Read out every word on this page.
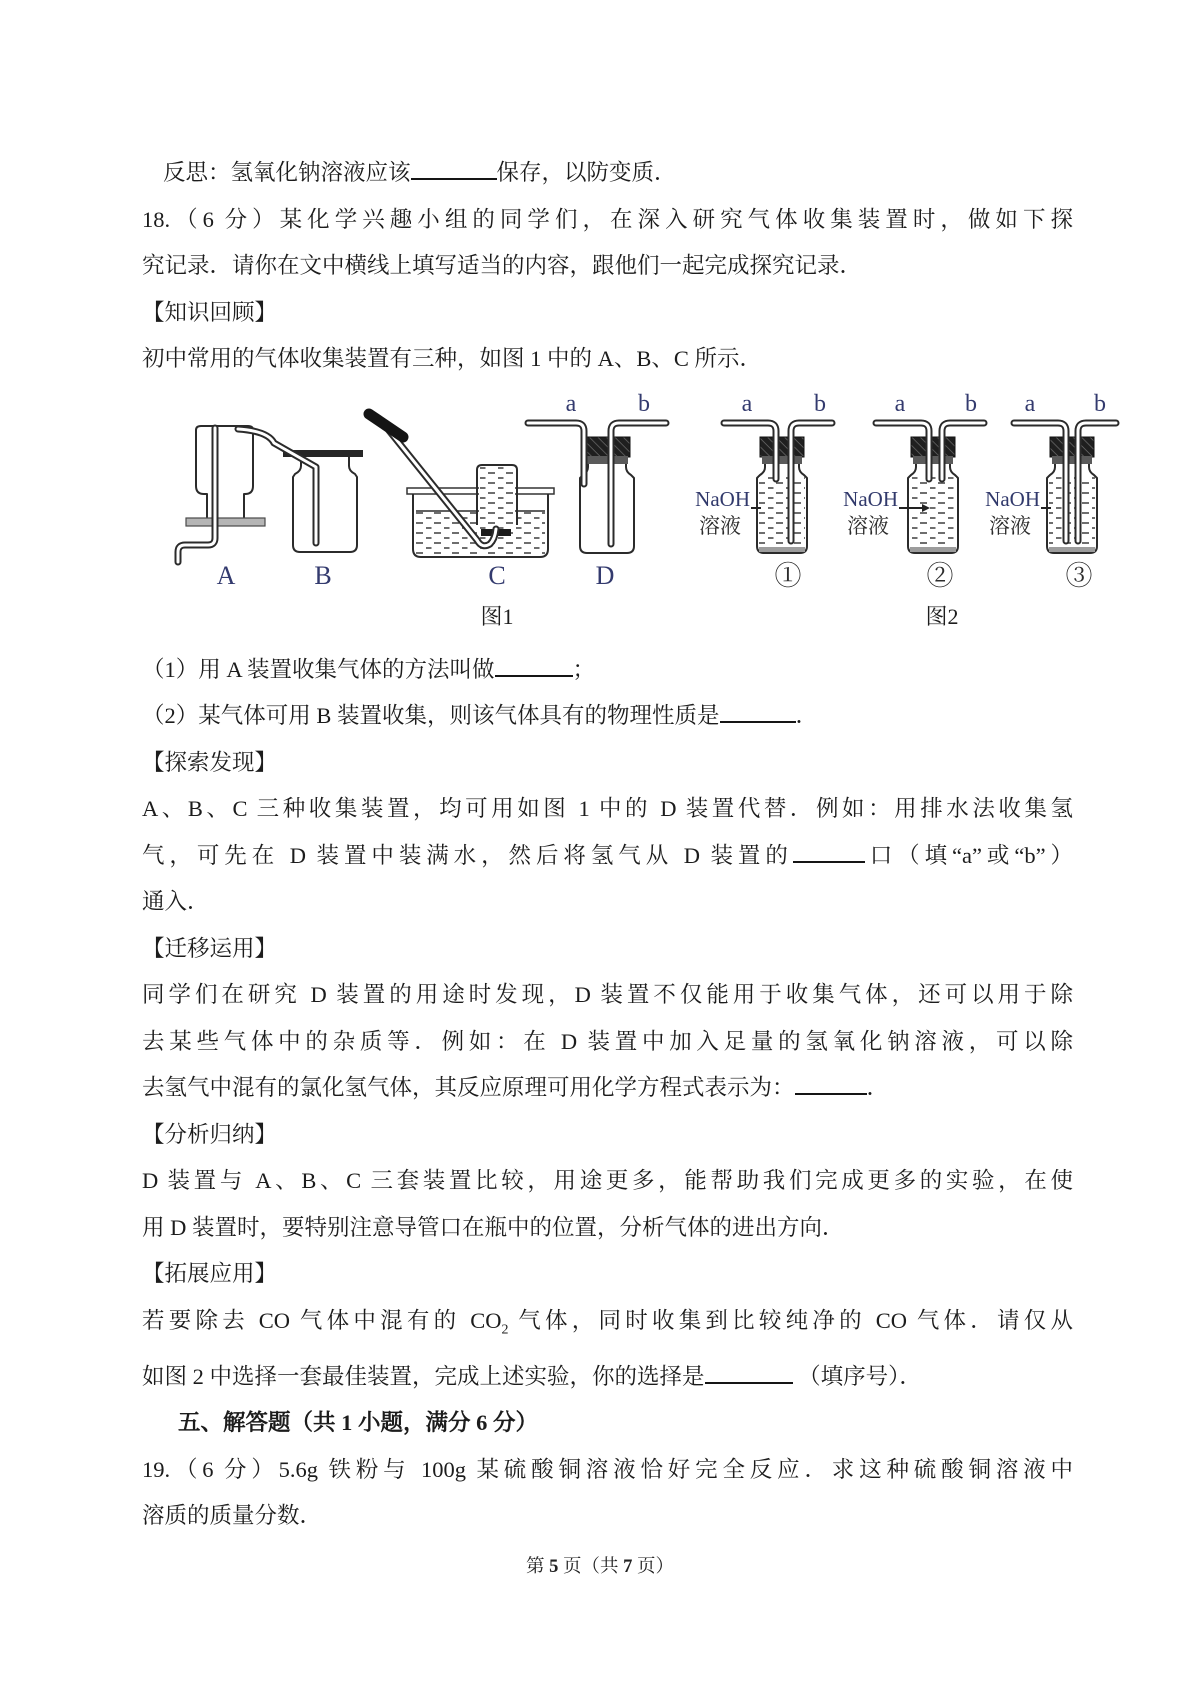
反思：氢氧化钠溶液应该	保存，以防变质．
18.（6 分）某化学兴趣小组的同学们，在深入研究气体收集装置时，做如下探
究记录．请你在文中横线上填写适当的内容，跟他们一起完成探究记录．
【知识回顾】
初中常用的气体收集装置有三种，如图 1 中的 A、B、C 所示．
（1）用 A 装置收集气体的方法叫做	；
（2）某气体可用 B 装置收集，则该气体具有的物理性质是	．
【探索发现】
A、B、C 三种收集装置，均可用如图 1 中的 D 装置代替．例如：用排水法收集氢
气，可先在 D 装置中装满水，然后将氢气从 D 装置的	口（填“a”或“b”）
通入．
【迁移运用】
同学们在研究 D 装置的用途时发现，D 装置不仅能用于收集气体，还可以用于除
去某些气体中的杂质等．例如：在 D 装置中加入足量的氢氧化钠溶液，可以除
去氢气中混有的氯化氢气体，其反应原理可用化学方程式表示为：	．
【分析归纳】
D 装置与 A、B、C 三套装置比较，用途更多，能帮助我们完成更多的实验，在使
用 D 装置时，要特别注意导管口在瓶中的位置，分析气体的进出方向．
【拓展应用】
若要除去 CO 气体中混有的 $CO_2$ 气体，同时收集到比较纯净的 CO 气体．请仅从
如图 2 中选择一套最佳装置，完成上述实验，你的选择是	（填序号）．
五、解答题（共 1 小题，满分 6 分）
19.（6 分）5.6g 铁粉与 100g 某硫酸铜溶液恰好完全反应．求这种硫酸铜溶液中
溶质的质量分数．
A	B	C
a	b
D
图1
a	b
NaOH
溶液
①
a b
NaOH
溶液
②
a b
NaOH
溶液
③
图2
第 5 页（共 7 页）
